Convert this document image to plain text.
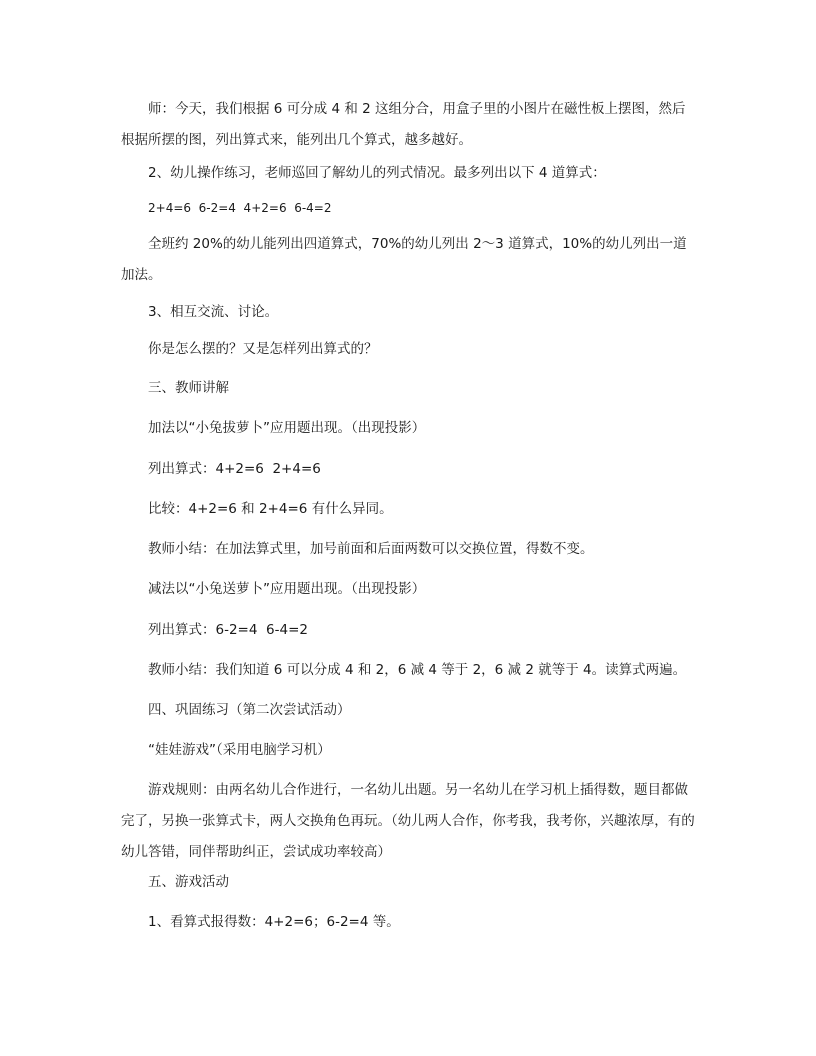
师：今天，我们根据 6 可分成 4 和 2 这组分合，用盒子里的小图片在磁性板上摆图，然后根据所摆的图，列出算式来，能列出几个算式，越多越好。

2、幼儿操作练习，老师巡回了解幼儿的列式情况。最多列出以下 4 道算式：

2+4=6  6-2=4  4+2=6  6-4=2

全班约 20%的幼儿能列出四道算式，70%的幼儿列出 2～3 道算式，10%的幼儿列出一道加法。

3、相互交流、讨论。

你是怎么摆的？又是怎样列出算式的？

三、教师讲解

加法以“小兔拔萝卜”应用题出现。（出现投影）

列出算式：4+2=6  2+4=6

比较：4+2=6 和 2+4=6 有什么异同。

教师小结：在加法算式里，加号前面和后面两数可以交换位置，得数不变。

减法以“小兔送萝卜”应用题出现。（出现投影）

列出算式：6-2=4  6-4=2

教师小结：我们知道 6 可以分成 4 和 2，6 减 4 等于 2，6 减 2 就等于 4。读算式两遍。

四、巩固练习（第二次尝试活动）

“娃娃游戏”（采用电脑学习机）

游戏规则：由两名幼儿合作进行，一名幼儿出题。另一名幼儿在学习机上插得数，题目都做完了，另换一张算式卡，两人交换角色再玩。（幼儿两人合作，你考我，我考你，兴趣浓厚，有的幼儿答错，同伴帮助纠正，尝试成功率较高）

五、游戏活动

1、看算式报得数：4+2=6；6-2=4 等。
